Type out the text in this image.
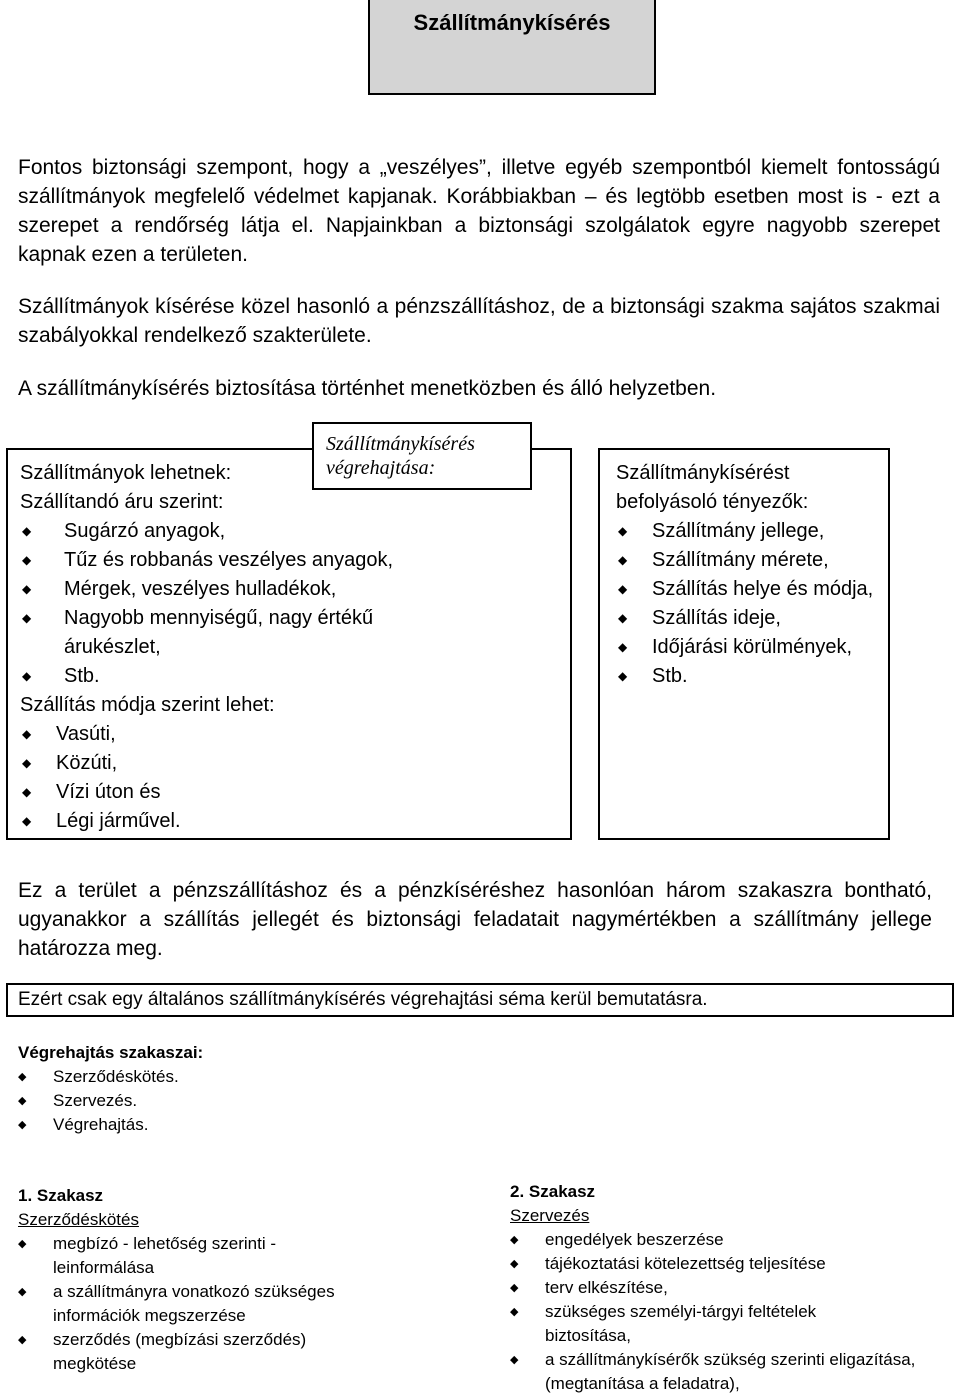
Szállítmánykísérés
Fontos biztonsági szempont, hogy a „veszélyes”, illetve egyéb szempontból kiemelt fontosságú szállítmányok megfelelő védelmet kapjanak. Korábbiakban – és legtöbb esetben most is - ezt a szerepet a rendőrség látja el. Napjainkban a biztonsági szolgálatok egyre nagyobb szerepet kapnak ezen a területen.
Szállítmányok kísérése közel hasonló a pénzszállításhoz, de a biztonsági szakma sajátos szakmai szabályokkal rendelkező szakterülete.
A szállítmánykísérés biztosítása történhet menetközben és álló helyzetben.
Szállítmányok lehetnek:
Szállítandó áru szerint:
◆ Sugárzó anyagok,
◆ Tűz és robbanás veszélyes anyagok,
◆ Mérgek, veszélyes hulladékok,
◆ Nagyobb mennyiségű, nagy értékű árukészlet,
◆ Stb.
Szállítás módja szerint lehet:
◆ Vasúti,
◆ Közúti,
◆ Vízi úton és
◆ Légi járművel.
Szállítmánykísérés
végrehajtása:	Szállítmánykísérést befolyásoló tényezők:
◆ Szállítmány jellege,
◆ Szállítmány mérete,
◆ Szállítás helye és módja,
◆ Szállítás ideje,
◆ Időjárási körülmények,
◆ Stb.
Ez a terület a pénzszállításhoz és a pénzkíséréshez hasonlóan három szakaszra bontható, ugyanakkor a szállítás jellegét és biztonsági feladatait nagymértékben a szállítmány jellege határozza meg.
Ezért csak egy általános szállítmánykísérés végrehajtási séma kerül bemutatásra.
Végrehajtás szakaszai:
◆ Szerződéskötés.
◆ Szervezés.
◆ Végrehajtás.
1. Szakasz
Szerződéskötés
◆ megbízó - lehetőség szerinti - leinformálása
◆ a szállítmányra vonatkozó szükséges információk megszerzése
◆ szerződés (megbízási szerződés) megkötése
2. Szakasz
Szervezés
◆ engedélyek beszerzése
◆ tájékoztatási kötelezettség teljesítése
◆ terv elkészítése,
◆ szükséges személyi-tárgyi feltételek biztosítása,
◆ a szállítmánykísérők szükség szerinti eligazítása, (megtanítása a feladatra),
